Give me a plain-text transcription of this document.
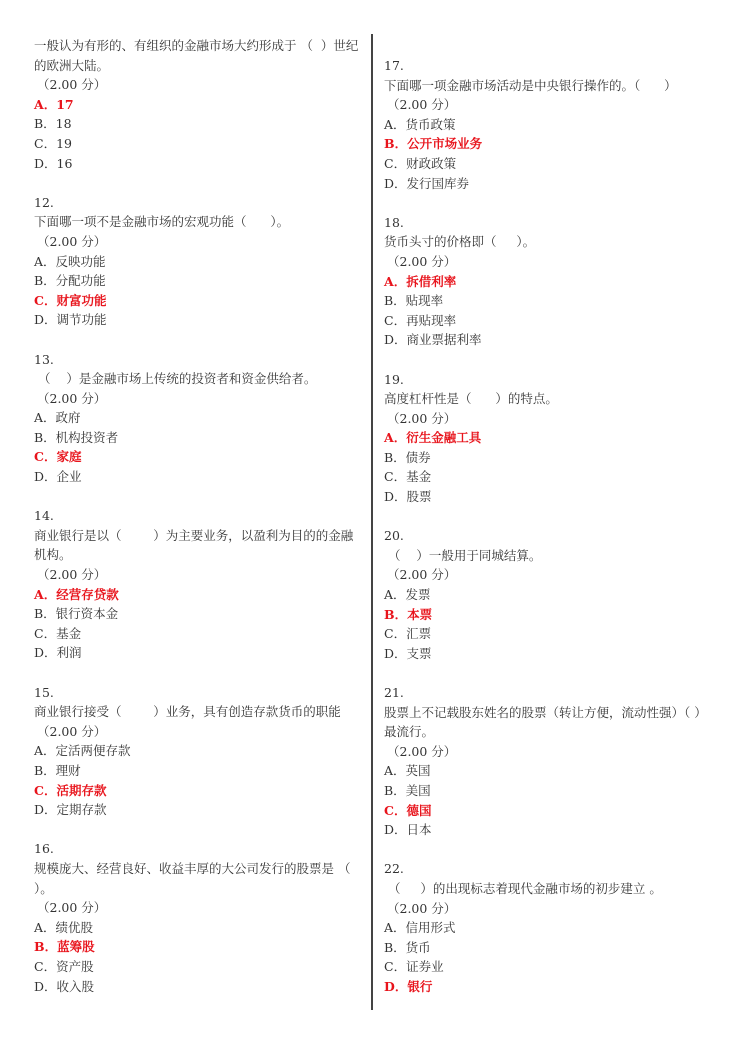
一般认为有形的、有组织的金融市场大约形成于 （  ）世纪的欧洲大陆。
（2.00 分）
A．17
B．18
C．19
D．16
12.
下面哪一项不是金融市场的宏观功能（      ）。
（2.00 分）
A．反映功能
B．分配功能
C．财富功能
D．调节功能
13.
（    ）是金融市场上传统的投资者和资金供给者。
（2.00 分）
A．政府
B．机构投资者
C．家庭
D．企业
14.
商业银行是以（        ）为主要业务，以盈利为目的的金融机构。
（2.00 分）
A．经营存贷款
B．银行资本金
C．基金
D．利润
15.
商业银行接受（        ）业务，具有创造存款货币的职能
（2.00 分）
A．定活两便存款
B．理财
C．活期存款
D．定期存款
16.
规模庞大、经营良好、收益丰厚的大公司发行的股票是 （    ）。
（2.00 分）
A．绩优股
B．蓝筹股
C．资产股
D．收入股
17.
下面哪一项金融市场活动是中央银行操作的。（      ）
（2.00 分）
A．货币政策
B．公开市场业务
C．财政政策
D．发行国库券
18.
货币头寸的价格即（     ）。
（2.00 分）
A．拆借利率
B．贴现率
C．再贴现率
D．商业票据利率
19.
高度杠杆性是（      ）的特点。
（2.00 分）
A．衍生金融工具
B．债券
C．基金
D．股票
20.
（    ）一般用于同城结算。
（2.00 分）
A．发票
B．本票
C．汇票
D．支票
21.
股票上不记载股东姓名的股票（转让方便，流动性强）（ ）最流行。
（2.00 分）
A．英国
B．美国
C．德国
D．日本
22.
（     ）的出现标志着现代金融市场的初步建立 。
（2.00 分）
A．信用形式
B．货币
C．证券业
D．银行
